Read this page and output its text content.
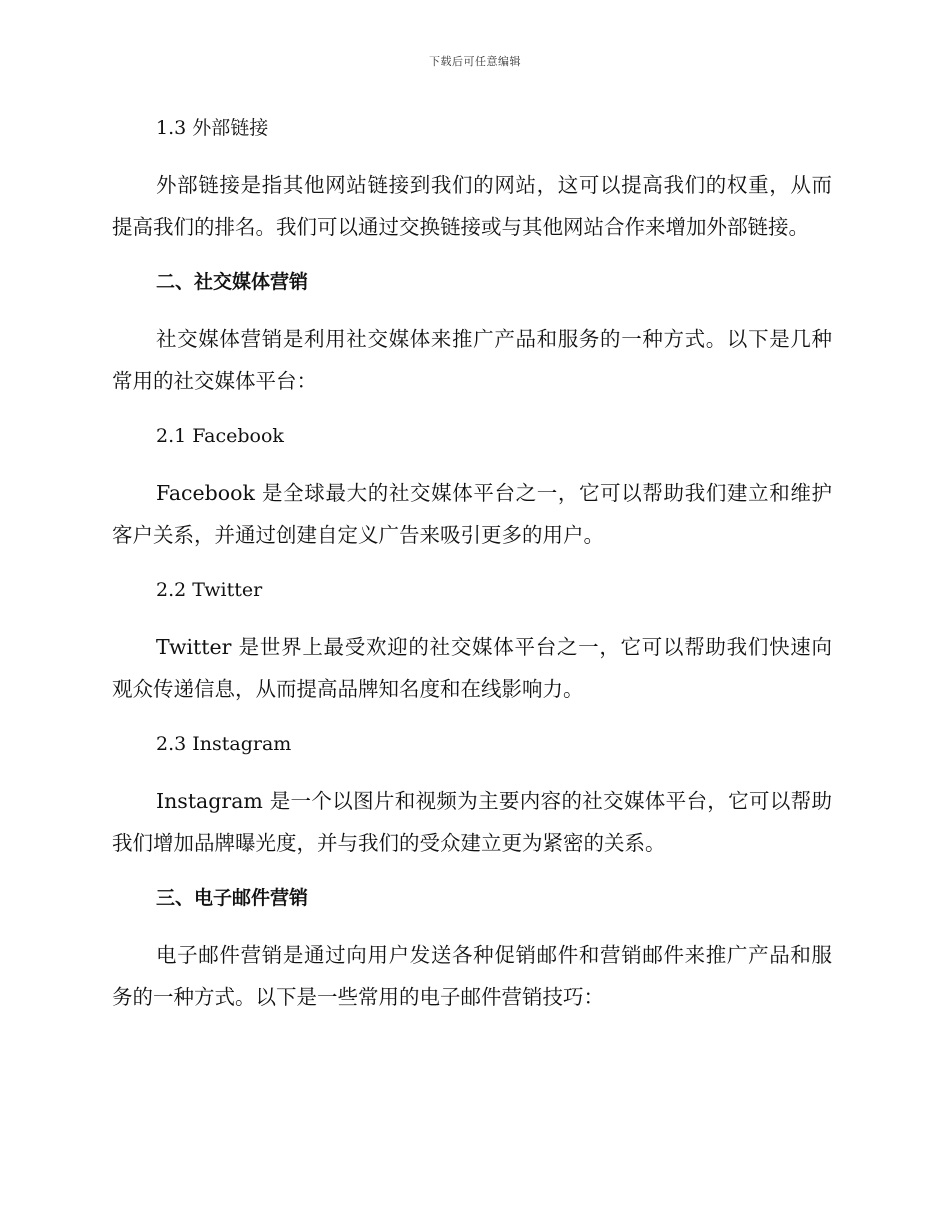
下载后可任意编辑
1.3 外部链接

外部链接是指其他网站链接到我们的网站，这可以提高我们的权重，从而提高我们的排名。我们可以通过交换链接或与其他网站合作来增加外部链接。

二、社交媒体营销

社交媒体营销是利用社交媒体来推广产品和服务的一种方式。以下是几种常用的社交媒体平台：

2.1 Facebook

Facebook 是全球最大的社交媒体平台之一，它可以帮助我们建立和维护客户关系，并通过创建自定义广告来吸引更多的用户。

2.2 Twitter

Twitter 是世界上最受欢迎的社交媒体平台之一，它可以帮助我们快速向观众传递信息，从而提高品牌知名度和在线影响力。

2.3 Instagram

Instagram 是一个以图片和视频为主要内容的社交媒体平台，它可以帮助我们增加品牌曝光度，并与我们的受众建立更为紧密的关系。

三、电子邮件营销

电子邮件营销是通过向用户发送各种促销邮件和营销邮件来推广产品和服务的一种方式。以下是一些常用的电子邮件营销技巧：
